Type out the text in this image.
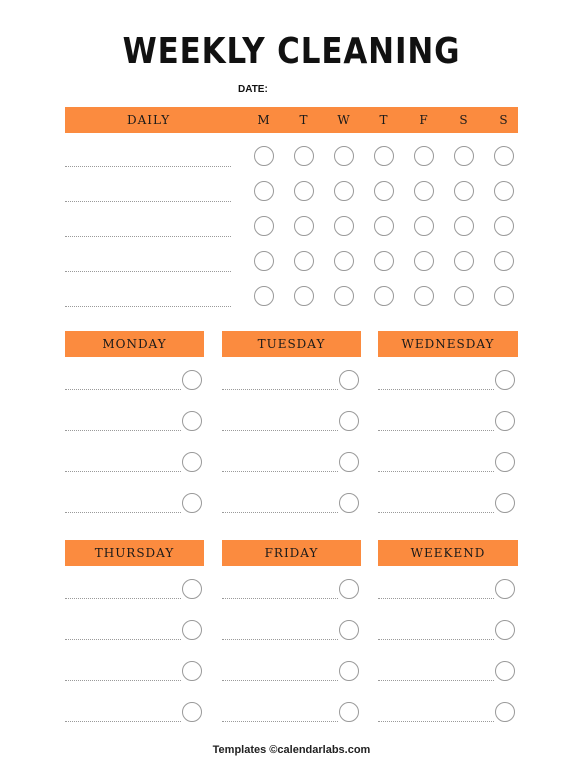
WEEKLY CLEANING
DATE:
DAILY	M	T	W	T	F	S	S
MONDAY	TUESDAY	WEDNESDAY
THURSDAY	FRIDAY	WEEKEND
Templates ©calendarlabs.com
